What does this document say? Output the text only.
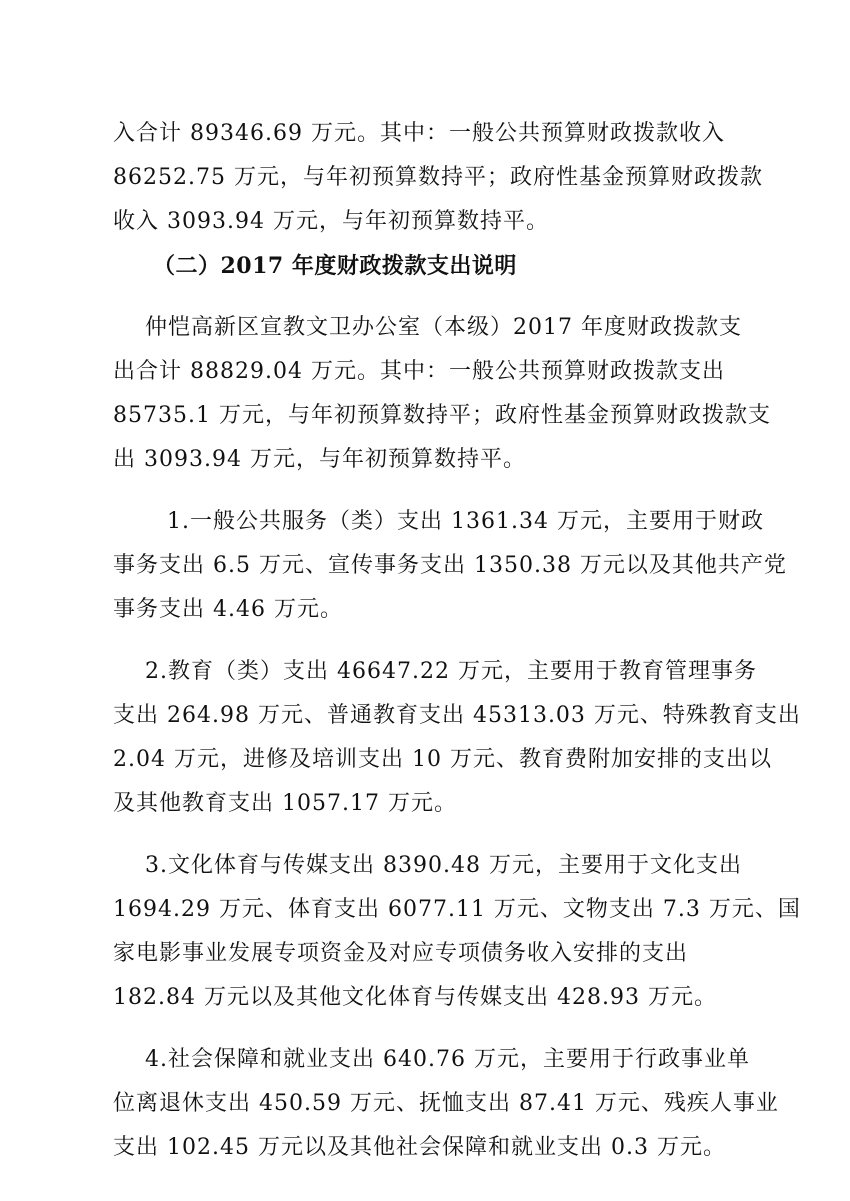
入合计 89346.69 万元。其中：一般公共预算财政拨款收入
86252.75 万元，与年初预算数持平；政府性基金预算财政拨款
收入 3093.94 万元，与年初预算数持平。
（二）2017 年度财政拨款支出说明
仲恺高新区宣教文卫办公室（本级）2017 年度财政拨款支
出合计 88829.04 万元。其中：一般公共预算财政拨款支出
85735.1 万元，与年初预算数持平；政府性基金预算财政拨款支
出 3093.94 万元，与年初预算数持平。
1.一般公共服务（类）支出 1361.34 万元，主要用于财政
事务支出 6.5 万元、宣传事务支出 1350.38 万元以及其他共产党
事务支出 4.46 万元。
2.教育（类）支出 46647.22 万元，主要用于教育管理事务
支出 264.98 万元、普通教育支出 45313.03 万元、特殊教育支出
2.04 万元，进修及培训支出 10 万元、教育费附加安排的支出以
及其他教育支出 1057.17 万元。
3.文化体育与传媒支出 8390.48 万元，主要用于文化支出
1694.29 万元、体育支出 6077.11 万元、文物支出 7.3 万元、国
家电影事业发展专项资金及对应专项债务收入安排的支出
182.84 万元以及其他文化体育与传媒支出 428.93 万元。
4.社会保障和就业支出 640.76 万元，主要用于行政事业单
位离退休支出 450.59 万元、抚恤支出 87.41 万元、残疾人事业
支出 102.45 万元以及其他社会保障和就业支出 0.3 万元。
